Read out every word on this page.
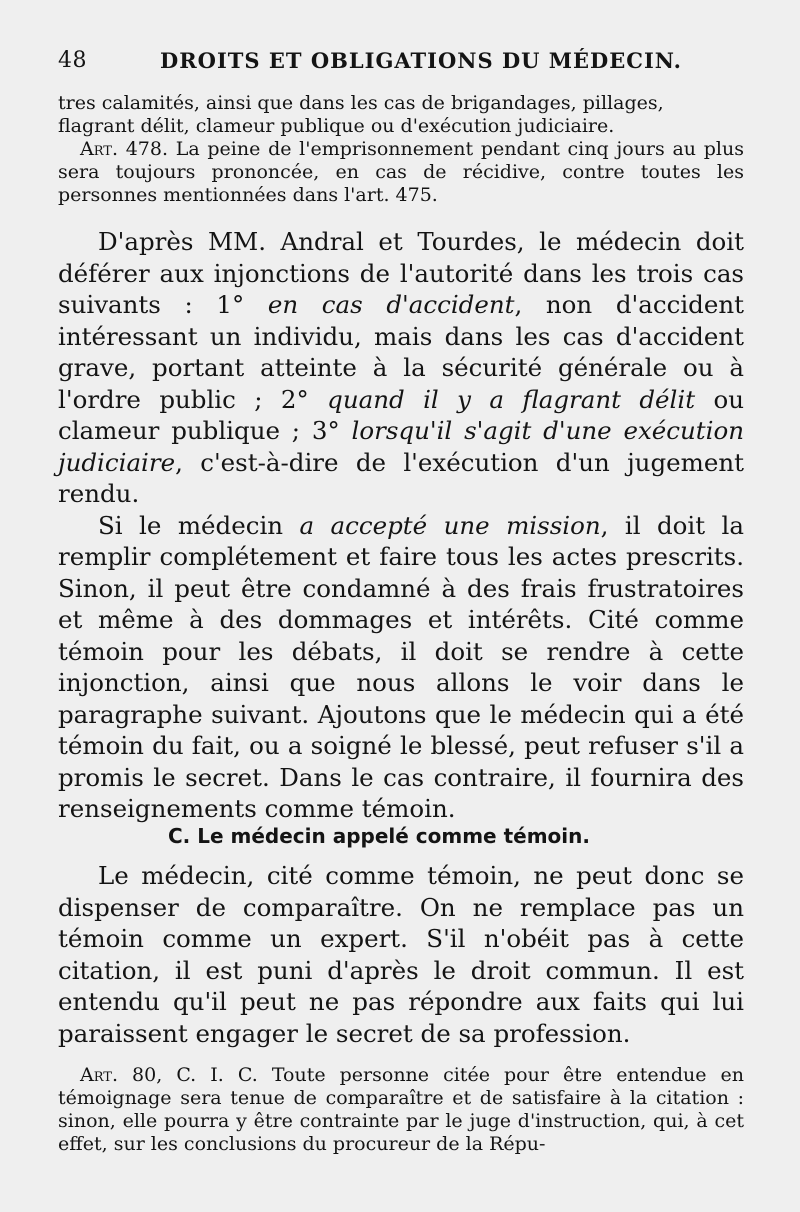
48	DROITS ET OBLIGATIONS DU MÉDECIN.

tres calamités, ainsi que dans les cas de brigandages, pillages,

flagrant délit, clameur publique ou d'exécution judiciaire.

Art. 478. La peine de l'emprisonnement pendant cinq jours au plus sera toujours prononcée, en cas de récidive, contre toutes les personnes mentionnées dans l'art. 475.

D'après MM. Andral et Tourdes, le médecin doit déférer aux injonctions de l'autorité dans les trois cas suivants : 1° en cas d'accident, non d'accident intéressant un individu, mais dans les cas d'accident grave, portant atteinte à la sécurité générale ou à l'ordre public ; 2° quand il y a flagrant délit ou clameur publique ; 3° lorsqu'il s'agit d'une exécution judiciaire, c'est-à-dire de l'exécution d'un jugement rendu.

Si le médecin a accepté une mission, il doit la remplir complétement et faire tous les actes prescrits. Sinon, il peut être condamné à des frais frustratoires et même à des dommages et intérêts. Cité comme témoin pour les débats, il doit se rendre à cette injonction, ainsi que nous allons le voir dans le paragraphe suivant. Ajoutons que le médecin qui a été témoin du fait, ou a soigné le blessé, peut refuser s'il a promis le secret. Dans le cas contraire, il fournira des renseignements comme témoin.

C. Le médecin appelé comme témoin.

Le médecin, cité comme témoin, ne peut donc se dispenser de comparaître. On ne remplace pas un témoin comme un expert. S'il n'obéit pas à cette citation, il est puni d'après le droit commun. Il est entendu qu'il peut ne pas répondre aux faits qui lui paraissent engager le secret de sa profession.

Art. 80, C. I. C. Toute personne citée pour être entendue en témoignage sera tenue de comparaître et de satisfaire à la citation : sinon, elle pourra y être contrainte par le juge d'instruction, qui, à cet effet, sur les conclusions du procureur de la Répu-
